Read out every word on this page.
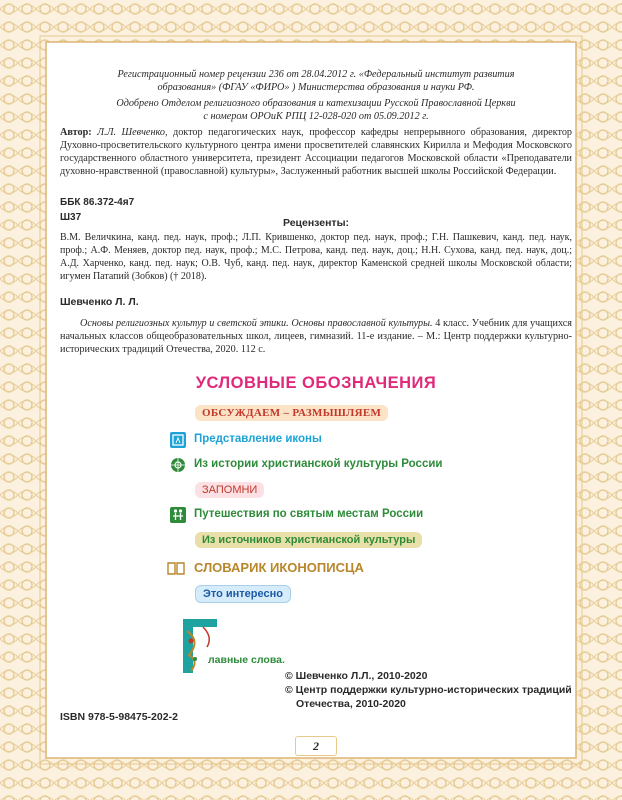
Регистрационный номер рецензии 236 от 28.04.2012 г. «Федеральный институт развития
образования» (ФГАУ «ФИРО» ) Министерства образования и науки РФ.
Одобрено Отделом религиозного образования и катехизации Русской Православной Церкви
с номером ОРОиК РПЦ 12-028-020 от 05.09.2012 г.
Автор: Л.Л. Шевченко, доктор педагогических наук, профессор кафедры непрерывного образования, директор Духовно-просветительского культурного центра имени просветителей славянских Кирилла и Мефодия Московского государственного областного университета, президент Ассоциации педагогов Московской области «Преподаватели духовно-нравственной (православной) культуры», Заслуженный работник высшей школы Российской Федерации.
ББК 86.372-4я7
Ш37	Рецензенты:
В.М. Величкина, канд. пед. наук, проф.; Л.П. Крившенко, доктор пед. наук, проф.; Г.Н. Пашкевич, канд. пед. наук, проф.; А.Ф. Меняев, доктор пед. наук, проф.; М.С. Петрова, канд. пед. наук, доц.; Н.Н. Сухова, канд. пед. наук, доц.; А.Д. Харченко, канд. пед. наук; О.В. Чуб, канд. пед. наук, директор Каменской средней школы Московской области; игумен Патапий (Зобков) († 2018).
Шевченко Л. Л.
Основы религиозных культур и светской этики. Основы православной культуры. 4 класс. Учебник для учащихся начальных классов общеобразовательных школ, лицеев, гимназий. 11-е издание. – М.: Центр поддержки культурно-исторических традиций Отечества, 2020. 112 с.
УСЛОВНЫЕ ОБОЗНАЧЕНИЯ
ОБСУЖДАЕМ – РАЗМЫШЛЯЕМ
Представление иконы
Из истории христианской культуры России
ЗАПОМНИ
Путешествия по святым местам России
Из источников христианской культуры
СЛОВАРИК ИКОНОПИСЦА
Это интересно
Г
лавные слова.
© Шевченко Л.Л., 2010-2020
© Центр поддержки культурно-исторических традиций
Отечества, 2010-2020
ISBN 978-5-98475-202-2
2
